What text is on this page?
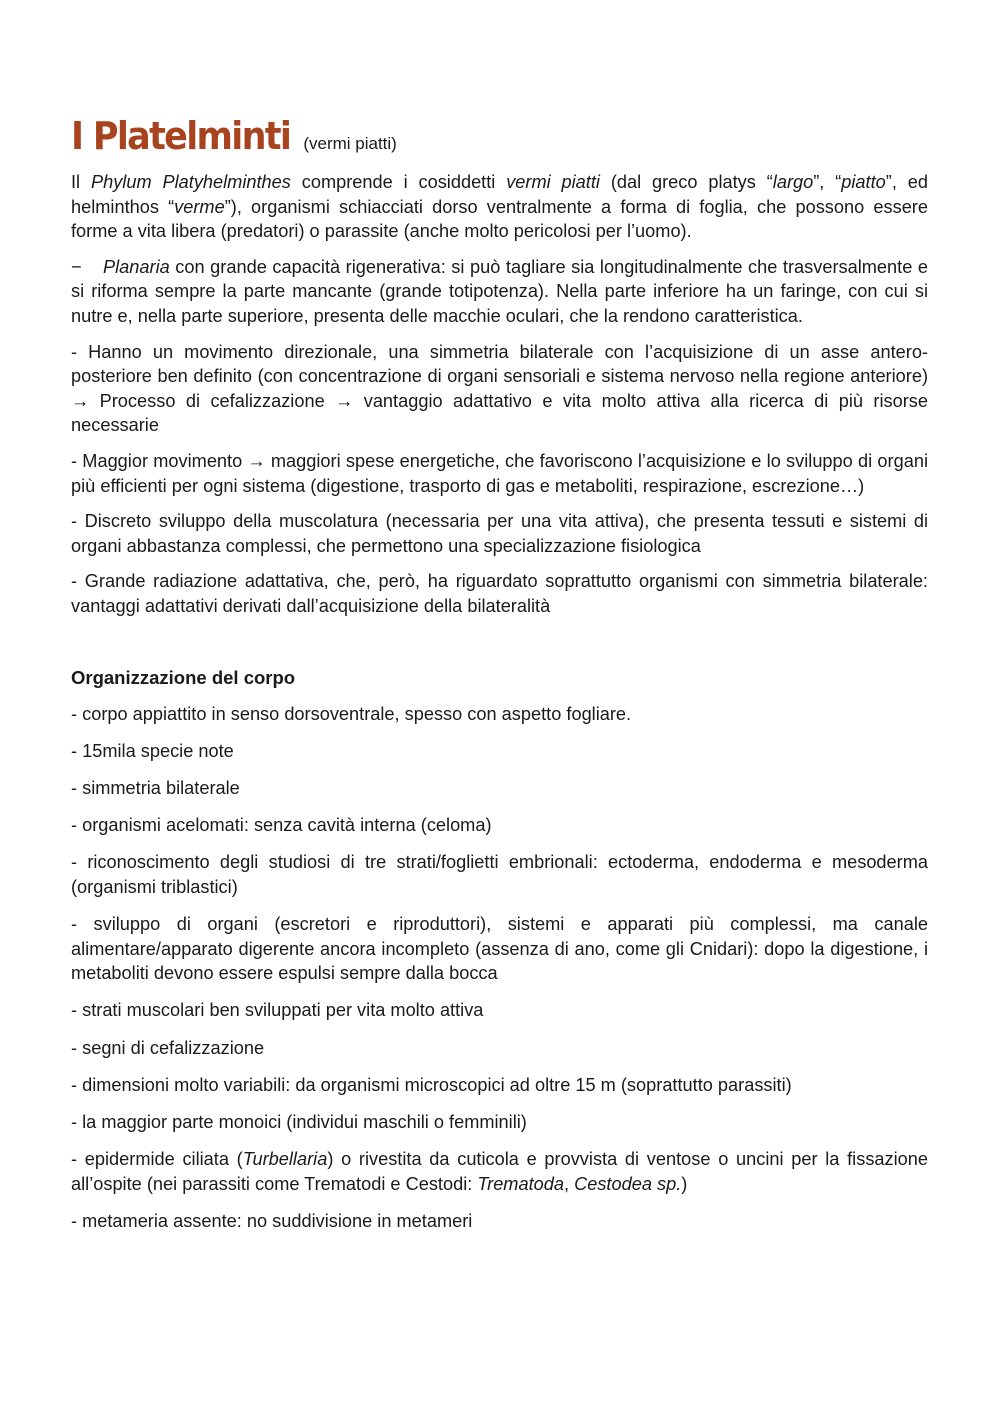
I Platelminti (vermi piatti)

Il Phylum Platyhelminthes comprende i cosiddetti vermi piatti (dal greco platys “largo”, “piatto”, ed helminthos “verme”), organismi schiacciati dorso ventralmente a forma di foglia, che possono essere forme a vita libera (predatori) o parassite (anche molto pericolosi per l’uomo).

− Planaria con grande capacità rigenerativa: si può tagliare sia longitudinalmente che trasversalmente e si riforma sempre la parte mancante (grande totipotenza). Nella parte inferiore ha un faringe, con cui si nutre e, nella parte superiore, presenta delle macchie oculari, che la rendono caratteristica.

- Hanno un movimento direzionale, una simmetria bilaterale con l’acquisizione di un asse antero-posteriore ben definito (con concentrazione di organi sensoriali e sistema nervoso nella regione anteriore) → Processo di cefalizzazione → vantaggio adattativo e vita molto attiva alla ricerca di più risorse necessarie

- Maggior movimento → maggiori spese energetiche, che favoriscono l’acquisizione e lo sviluppo di organi più efficienti per ogni sistema (digestione, trasporto di gas e metaboliti, respirazione, escrezione…)

- Discreto sviluppo della muscolatura (necessaria per una vita attiva), che presenta tessuti e sistemi di organi abbastanza complessi, che permettono una specializzazione fisiologica

- Grande radiazione adattativa, che, però, ha riguardato soprattutto organismi con simmetria bilaterale: vantaggi adattativi derivati dall’acquisizione della bilateralità

Organizzazione del corpo
- corpo appiattito in senso dorsoventrale, spesso con aspetto fogliare.
- 15mila specie note
- simmetria bilaterale
- organismi acelomati: senza cavità interna (celoma)
- riconoscimento degli studiosi di tre strati/foglietti embrionali: ectoderma, endoderma e mesoderma (organismi triblastici)
- sviluppo di organi (escretori e riproduttori), sistemi e apparati più complessi, ma canale alimentare/apparato digerente ancora incompleto (assenza di ano, come gli Cnidari): dopo la digestione, i metaboliti devono essere espulsi sempre dalla bocca
- strati muscolari ben sviluppati per vita molto attiva
- segni di cefalizzazione
- dimensioni molto variabili: da organismi microscopici ad oltre 15 m (soprattutto parassiti)
- la maggior parte monoici (individui maschili o femminili)
- epidermide ciliata (Turbellaria) o rivestita da cuticola e provvista di ventose o uncini per la fissazione all’ospite (nei parassiti come Trematodi e Cestodi: Trematoda, Cestodea sp.)
- metameria assente: no suddivisione in metameri
